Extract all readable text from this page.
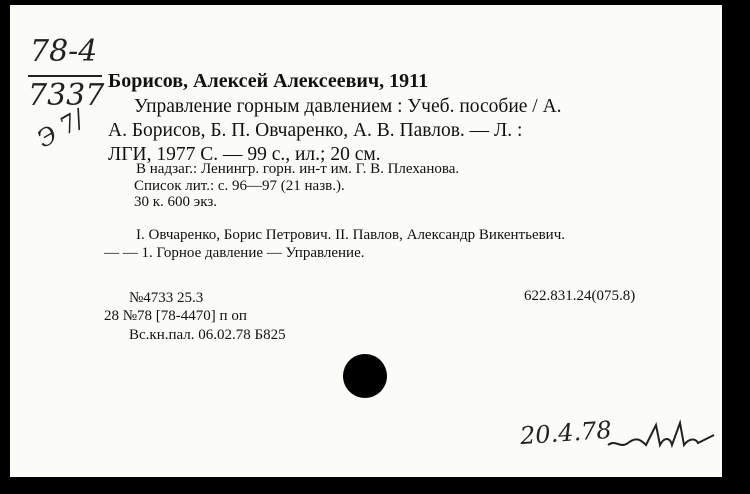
78-4
7337
Э 7/
Борисов, Алексей Алексеевич, 1911
Управление горным давлением : Учеб. пособие / А.
А. Борисов, Б. П. Овчаренко, А. В. Павлов. — Л. :
ЛГИ, 1977 С. — 99 с., ил.; 20 см.
В надзаг.: Ленингр. горн. ин-т им. Г. В. Плеханова.
Список лит.: с. 96—97 (21 назв.).
30 к. 600 экз.
I. Овчаренко, Борис Петрович. II. Павлов, Александр Викентьевич.
— — 1. Горное давление — Управление.
622.831.24(075.8)
№4733 25.3
28 №78 [78-4470] п оп
Вс.кн.пал. 06.02.78 Б825
20.4.78
